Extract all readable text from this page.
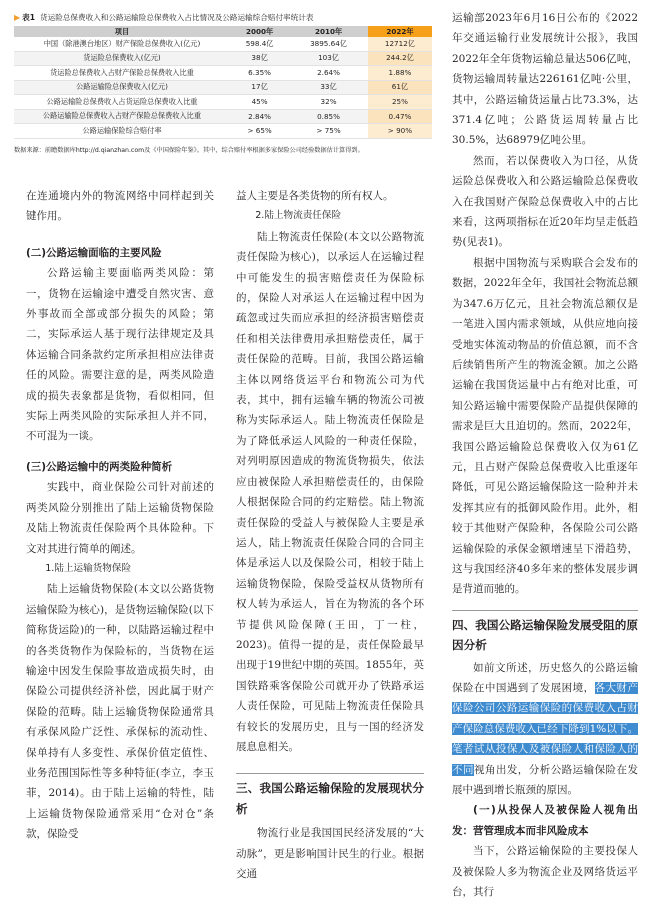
▶ 表1 货运险总保费收入和公路运输险总保费收入占比情况及公路运输综合赔付率统计表
项目	2000年	2010年	2022年
中国（除港澳台地区）财产保险总保费收入(亿元)	598.4亿	3895.64亿	12712亿
货运险总保费收入(亿元)	38亿	103亿	244.2亿
货运险总保费收入占财产保险总保费收入比重	6.35%	2.64%	1.88%
公路运输险总保费收入(亿元)	17亿	33亿	61亿
公路运输险总保费收入占货运险总保费收入比重	45%	32%	25%
公路运输险总保费收入占财产保险总保费收入比重	2.84%	0.85%	0.47%
公路运输保险综合赔付率	> 65%	> 75%	> 90%
数据来源：前瞻数据库http://d.qianzhan.com及《中国保险年鉴》。其中，综合赔付率根据多家保险公司经验数据估计算得到。

在连通境内外的物流网络中同样起到关键作用。

(二)公路运输面临的主要风险

公路运输主要面临两类风险：第一，货物在运输途中遭受自然灾害、意外事故而全部或部分损失的风险；第二，实际承运人基于现行法律规定及具体运输合同条款约定所承担相应法律责任的风险。需要注意的是，两类风险造成的损失表象都是货物，看似相同，但实际上两类风险的实际承担人并不同，不可混为一谈。

(三)公路运输中的两类险种简析

实践中，商业保险公司针对前述的两类风险分别推出了陆上运输货物保险及陆上物流责任保险两个具体险种。下文对其进行简单的阐述。

1.陆上运输货物保险

陆上运输货物保险(本文以公路货物运输保险为核心)，是货物运输保险(以下简称货运险)的一种，以陆路运输过程中的各类货物作为保险标的，当货物在运输途中因发生保险事故造成损失时，由保险公司提供经济补偿，因此属于财产保险的范畴。陆上运输货物保险通常具有承保风险广泛性、承保标的流动性、保单持有人多变性、承保价值定值性、业务范围国际性等多种特征(李立，李玉菲，2014)。由于陆上运输的特性，陆上运输货物保险通常采用“仓对仓”条款，保险受

益人主要是各类货物的所有权人。

2.陆上物流责任保险

陆上物流责任保险(本文以公路物流责任保险为核心)，以承运人在运输过程中可能发生的损害赔偿责任为保险标的，保险人对承运人在运输过程中因为疏忽或过失而应承担的经济损害赔偿责任和相关法律费用承担赔偿责任，属于责任保险的范畴。目前，我国公路运输主体以网络货运平台和物流公司为代表，其中，拥有运输车辆的物流公司被称为实际承运人。陆上物流责任保险是为了降低承运人风险的一种责任保险，对列明原因造成的物流货物损失，依法应由被保险人承担赔偿责任的，由保险人根据保险合同的约定赔偿。陆上物流责任保险的受益人与被保险人主要是承运人，陆上物流责任保险合同的合同主体是承运人以及保险公司，相较于陆上运输货物保险，保险受益权从货物所有权人转为承运人，旨在为物流的各个环节提供风险保障(王田，丁一柱，2023)。值得一提的是，责任保险最早出现于19世纪中期的英国。1855年，英国铁路乘客保险公司就开办了铁路承运人责任保险，可见陆上物流责任保险具有较长的发展历史，且与一国的经济发展息息相关。

三、我国公路运输保险的发展现状分析

物流行业是我国国民经济发展的“大动脉”，更是影响国计民生的行业。根据交通

运输部2023年6月16日公布的《2022年交通运输行业发展统计公报》，我国2022年全年货物运输总量达506亿吨，货物运输周转量达226161亿吨·公里，其中，公路运输货运量占比73.3%，达371.4亿吨；公路货运周转量占比30.5%，达68979亿吨公里。

然而，若以保费收入为口径，从货运险总保费收入和公路运输险总保费收入在我国财产保险总保费收入中的占比来看，这两项指标在近20年均呈走低趋势(见表1)。

根据中国物流与采购联合会发布的数据，2022年全年，我国社会物流总额为347.6万亿元，且社会物流总额仅是一笔进入国内需求领域，从供应地向接受地实体流动物品的价值总额，而不含后续销售所产生的物流金额。加之公路运输在我国货运量中占有绝对比重，可知公路运输中需要保险产品提供保障的需求是巨大且迫切的。然而，2022年，我国公路运输险总保费收入仅为61亿元，且占财产保险总保费收入比重逐年降低，可见公路运输保险这一险种并未发挥其应有的抵御风险作用。此外，相较于其他财产保险种，各保险公司公路运输保险的承保金额增速呈下滑趋势，这与我国经济40多年来的整体发展步调是背道而驰的。

四、我国公路运输保险发展受阻的原因分析

如前文所述，历史悠久的公路运输保险在中国遇到了发展困境，各大财产保险公司公路运输保险的保费收入占财产保险总保费收入已经下降到1%以下。笔者试从投保人及被保险人和保险人的不同视角出发，分析公路运输保险在发展中遇到增长瓶颈的原因。

(一)从投保人及被保险人视角出发：营管理成本而非风险成本

当下，公路运输保险的主要投保人及被保险人多为物流企业及网络货运平台，其行
